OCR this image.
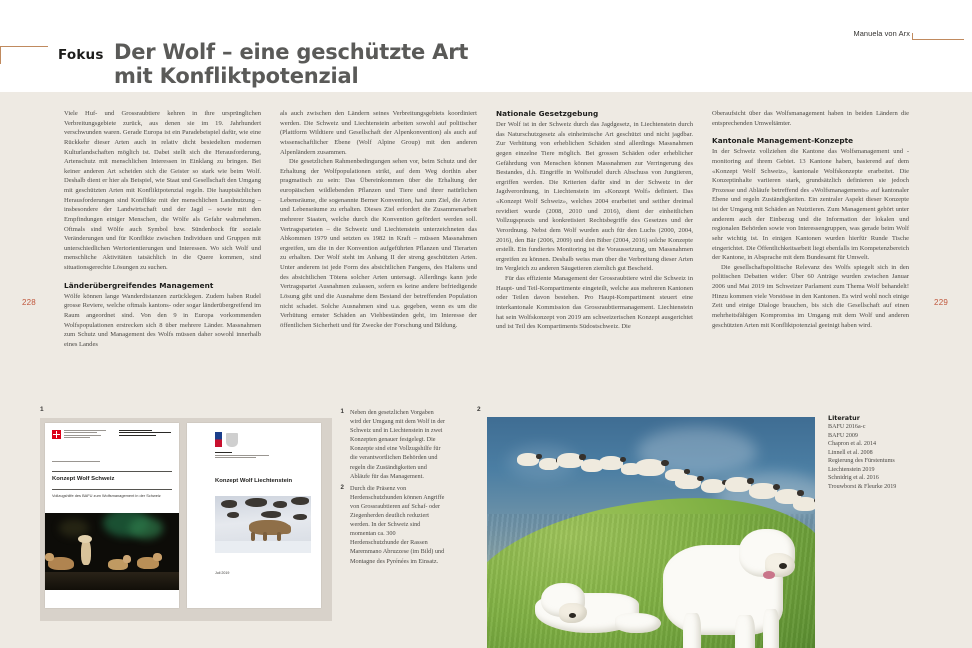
Fokus Der Wolf – eine geschützte Art
mit Konfliktpotenzial
Manuela von Arx
228	229

Viele Huf- und Grossraubtiere kehren in ihre ursprünglichen Verbreitungsgebiete zurück, aus denen sie im 19. Jahrhundert verschwunden waren. Gerade Europa ist ein Paradebeispiel dafür, wie eine Rückkehr dieser Arten auch in relativ dicht besiedelten modernen Kulturlandschaften möglich ist. Dabei stellt sich die Herausforderung, Artenschutz mit menschlichen Interessen in Einklang zu bringen. Bei keiner anderen Art scheiden sich die Geister so stark wie beim Wolf. Deshalb dient er hier als Beispiel, wie Staat und Gesellschaft den Umgang mit geschützten Arten mit Konfliktpotenzial regeln. Die hauptsächlichen Herausforderungen sind Konflikte mit der menschlichen Landnutzung – insbesondere der Landwirtschaft und der Jagd – sowie mit den Empfindungen einiger Menschen, die Wölfe als Gefahr wahrnehmen. Oftmals sind Wölfe auch Symbol bzw. Sündenbock für soziale Veränderungen und für Konflikte zwischen Individuen und Gruppen mit unterschiedlichen Wertorientierungen und Interessen. Wo sich Wolf und menschliche Aktivitäten tatsächlich in die Quere kommen, sind situationsgerechte Lösungen zu suchen.

Länderübergreifendes Management

Wölfe können lange Wanderdistanzen zurücklegen. Zudem haben Rudel grosse Reviere, welche oftmals kantons- oder sogar länderübergreifend im Raum angeordnet sind. Von den 9 in Europa vorkommenden Wolfspopulationen erstrecken sich 8 über mehrere Länder. Massnahmen zum Schutz und Management des Wolfs müssen daher sowohl innerhalb eines Landes

als auch zwischen den Ländern seines Verbreitungsgebiets koordiniert werden. Die Schweiz und Liechtenstein arbeiten sowohl auf politischer (Plattform Wildtiere und Gesellschaft der Alpenkonvention) als auch auf wissenschaftlicher Ebene (Wolf Alpine Group) mit den anderen Alpenländern zusammen.

Die gesetzlichen Rahmenbedingungen sehen vor, beim Schutz und der Erhaltung der Wolfpopulationen strikt, auf dem Weg dorthin aber pragmatisch zu sein: Das Übereinkommen über die Erhaltung der europäischen wildlebenden Pflanzen und Tiere und ihrer natürlichen Lebensräume, die sogenannte Berner Konvention, hat zum Ziel, die Arten und Lebensräume zu erhalten. Dieses Ziel erfordert die Zusammenarbeit mehrerer Staaten, welche durch die Konvention gefördert werden soll. Vertragsparteien – die Schweiz und Liechtenstein unterzeichneten das Abkommen 1979 und setzten es 1982 in Kraft – müssen Massnahmen ergreifen, um die in der Konvention aufgeführten Pflanzen und Tierarten zu erhalten. Der Wolf steht im Anhang II der streng geschützten Arten. Unter anderem ist jede Form des absichtlichen Fangens, des Haltens und des absichtlichen Tötens solcher Arten untersagt. Allerdings kann jede Vertragspartei Ausnahmen zulassen, sofern es keine andere befriedigende Lösung gibt und die Ausnahme dem Bestand der betreffenden Population nicht schadet. Solche Ausnahmen sind u.a. gegeben, wenn es um die Verhütung ernster Schäden an Viehbeständen geht, im Interesse der öffentlichen Sicherheit und für Zwecke der Forschung und Bildung.

Nationale Gesetzgebung

Der Wolf ist in der Schweiz durch das Jagdgesetz, in Liechtenstein durch das Naturschutzgesetz als einheimische Art geschützt und nicht jagdbar. Zur Verhütung von erheblichen Schäden sind allerdings Massnahmen gegen einzelne Tiere möglich. Bei grossen Schäden oder erheblicher Gefährdung von Menschen können Massnahmen zur Verringerung des Bestandes, d.h. Eingriffe in Wolfsrudel durch Abschuss von Jungtieren, ergriffen werden. Die Kriterien dafür sind in der Schweiz in der Jagdverordnung, in Liechtenstein im «Konzept Wolf» definiert. Das «Konzept Wolf Schweiz», welches 2004 erarbeitet und seither dreimal revidiert wurde (2008, 2010 und 2016), dient der einheitlichen Vollzugspraxis und konkretisiert Rechtsbegriffe des Gesetzes und der Verordnung. Nebst dem Wolf wurden auch für den Luchs (2000, 2004, 2016), den Bär (2006, 2009) und den Biber (2004, 2016) solche Konzepte erstellt. Ein fundiertes Monitoring ist die Voraussetzung, um Massnahmen ergreifen zu können. Deshalb weiss man über die Verbreitung dieser Arten im Vergleich zu anderen Säugetieren ziemlich gut Bescheid.

Für das effiziente Management der Grossraubtiere wird die Schweiz in Haupt- und Teil-Kompartimente eingeteilt, welche aus mehreren Kantonen oder Teilen davon bestehen. Pro Haupt-Kompartiment steuert eine interkantonale Kommission das Grossraubtiermanagement. Liechtenstein hat sein Wolfskonzept von 2019 am schweizerischen Konzept ausgerichtet und ist Teil des Kompartiments Südostschweiz. Die

Oberaufsicht über das Wolfsmanagement haben in beiden Ländern die entsprechenden Umweltämter.

Kantonale Management-Konzepte

In der Schweiz vollziehen die Kantone das Wolfsmanagement und -monitoring auf ihrem Gebiet. 13 Kantone haben, basierend auf dem «Konzept Wolf Schweiz», kantonale Wolfskonzepte erarbeitet. Die Konzeptinhalte variieren stark, grundsätzlich definieren sie jedoch Prozesse und Abläufe betreffend des «Wolfsmanagements» auf kantonaler Ebene und regeln Zuständigkeiten. Ein zentraler Aspekt dieser Konzepte ist der Umgang mit Schäden an Nutztieren. Zum Management gehört unter anderem auch der Einbezug und die Information der lokalen und regionalen Behörden sowie von Interessengruppen, was gerade beim Wolf sehr wichtig ist. In einigen Kantonen wurden hierfür Runde Tische eingerichtet. Die Öffentlichkeitsarbeit liegt ebenfalls im Kompetenzbereich der Kantone, in Absprache mit dem Bundesamt für Umwelt.

Die gesellschaftspolitische Relevanz des Wolfs spiegelt sich in den politischen Debatten wider: Über 60 Anträge wurden zwischen Januar 2006 und Mai 2019 im Schweizer Parlament zum Thema Wolf behandelt! Hinzu kommen viele Vorstösse in den Kantonen. Es wird wohl noch einige Zeit und einige Dialoge brauchen, bis sich die Gesellschaft auf einen mehrheitsfähigen Kompromiss im Umgang mit dem Wolf und anderen geschützten Arten mit Konfliktpotenzial geeinigt haben wird.

1
Konzept Wolf Schweiz
Vollzugshilfe des BAFU zum Wolfsmanagement in der Schweiz
Konzept Wolf Liechtenstein
Juli 2019
1 Neben den gesetzlichen Vorgaben wird der Umgang mit dem Wolf in der Schweiz und in Liechtenstein in zwei Konzepten genauer festgelegt. Die Konzepte sind eine Vollzugshilfe für die verantwortlichen Behörden und regeln die Zuständigkeiten und Abläufe für das Management.
2 Durch die Präsenz von Herdenschutzhunden können Angriffe von Grossraubtieren auf Schaf- oder Ziegenherden deutlich reduziert werden. In der Schweiz sind momentan ca. 300 Herdenschutzhunde der Rassen Maremmano Abruzzese (im Bild) und Montagne des Pyrénées im Einsatz.
2
Literatur
BAFU 2016a-c
BAFU 2009
Chapron et al. 2014
Linnell et al. 2008
Regierung des Fürstentums
Liechtenstein 2019
Schnidrig et al. 2016
Trouwborst & Fleurke 2019
